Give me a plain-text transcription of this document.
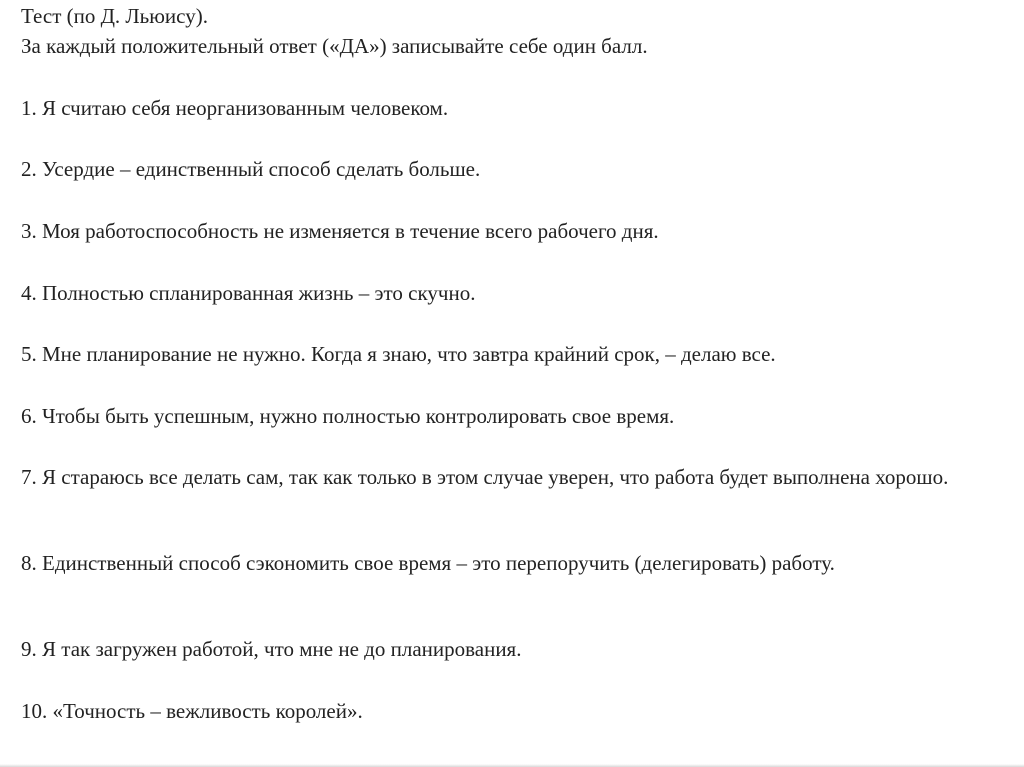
Тест (по Д. Льюису).
За каждый положительный ответ («ДА») записывайте себе один балл.
1. Я считаю себя неорганизованным человеком.
2. Усердие – единственный способ сделать больше.
3. Моя работоспособность не изменяется в течение всего рабочего дня.
4. Полностью спланированная жизнь – это скучно.
5. Мне планирование не нужно. Когда я знаю, что завтра крайний срок, – делаю все.
6. Чтобы быть успешным, нужно полностью контролировать свое время.
7. Я стараюсь все делать сам, так как только в этом случае уверен, что работа будет выполнена хорошо.
8. Единственный способ сэкономить свое время – это перепоручить (делегировать) работу.
9. Я так загружен работой, что мне не до планирования.
10. «Точность – вежливость королей».
